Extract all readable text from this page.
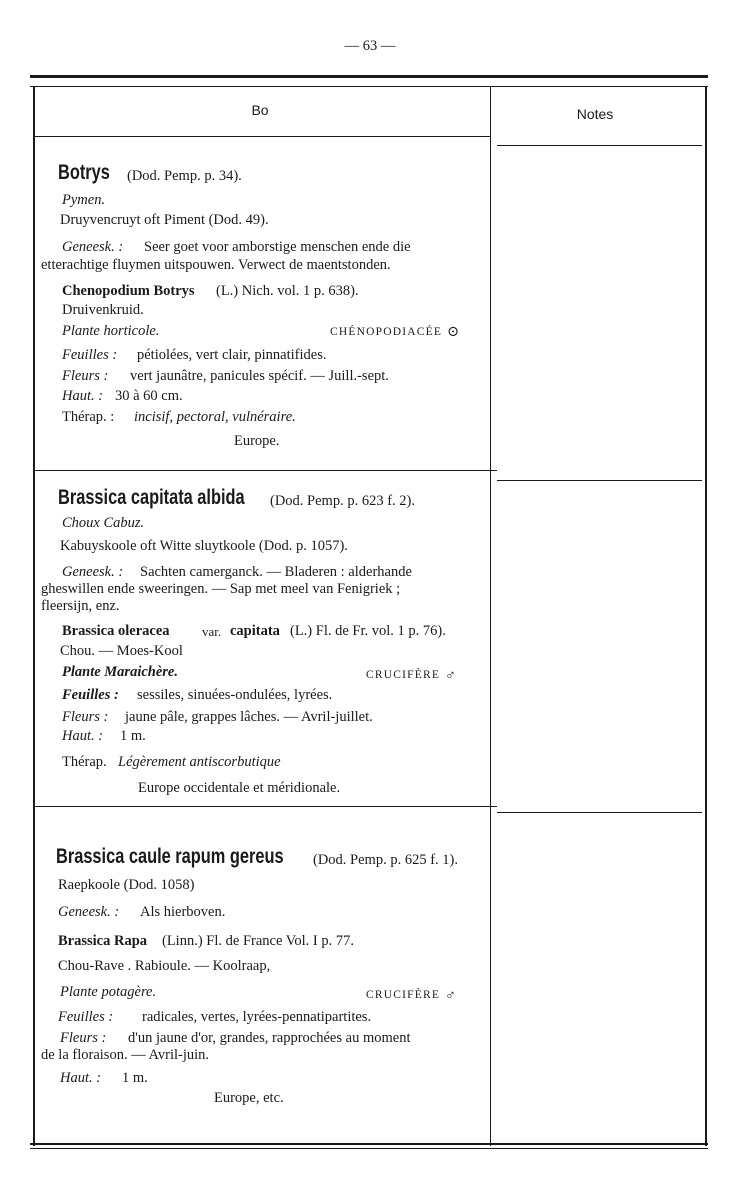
— 63 —
Bo	Notes
Botrys (Dod. Pemp. p. 34).
Pymen.
Druyvencruyt oft Piment (Dod. 49).
Geneesk. : Seer goet voor amborstige menschen ende die
etterachtige fluymen uitspouwen. Verwect de maentstonden.
Chenopodium Botrys (L.) Nich. vol. 1 p. 638).
Druivenkruid.
Plante horticole.	CHÉNOPODIACÉE ⊙
Feuilles : pétiolées, vert clair, pinnatifides.
Fleurs : vert jaunâtre, panicules spécif. — Juill.-sept.
Haut. : 30 à 60 cm.
Thérap. : incisif, pectoral, vulnéraire.
Europe.
Brassica capitata albida (Dod. Pemp. p. 623 f. 2).
Choux Cabuz.
Kabuyskoole oft Witte sluytkoole (Dod. p. 1057).
Geneesk. : Sachten camerganck. — Bladeren : alderhande
gheswillen ende sweeringen. — Sap met meel van Fenigriek ;
fleersijn, enz.
Brassica oleracea var. capitata (L.) Fl. de Fr. vol. 1 p. 76).
Chou. — Moes-Kool
Plante Maraichère.	CRUCIFÈRE ♂
Feuilles : sessiles, sinuées-ondulées, lyrées.
Fleurs : jaune pâle, grappes lâches. — Avril-juillet.
Haut. : 1 m.
Thérap. Légèrement antiscorbutique
Europe occidentale et méridionale.
Brassica caule rapum gereus (Dod. Pemp. p. 625 f. 1).
Raepkoole (Dod. 1058)
Geneesk. : Als hierboven.
Brassica Rapa (Linn.) Fl. de France Vol. I p. 77.
Chou-Rave . Rabioule. — Koolraap,
Plante potagère.	CRUCIFÈRE ♂
Feuilles : radicales, vertes, lyrées-pennatipartites.
Fleurs : d'un jaune d'or, grandes, rapprochées au moment
de la floraison. — Avril-juin.
Haut. : 1 m.
Europe, etc.
